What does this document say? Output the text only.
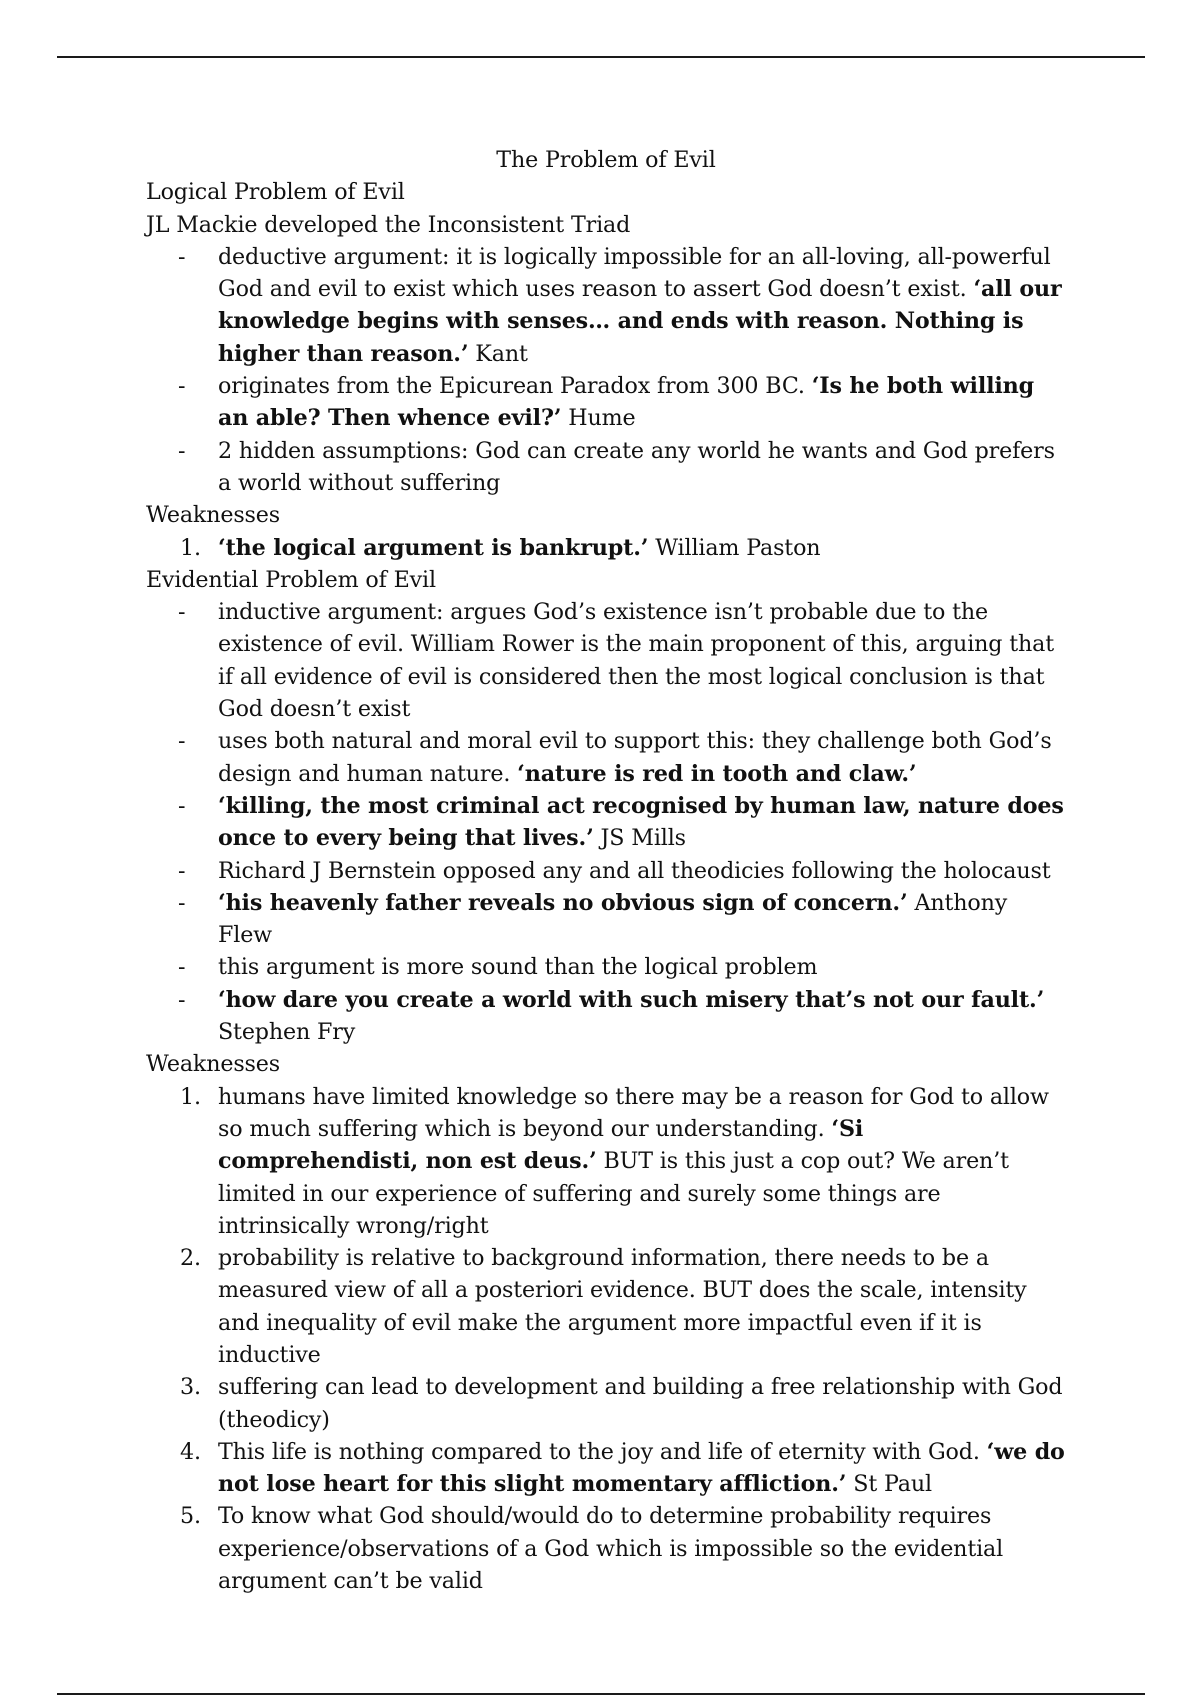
The Problem of Evil
Logical Problem of Evil
JL Mackie developed the Inconsistent Triad
- deductive argument: it is logically impossible for an all-loving, all-powerful God and evil to exist which uses reason to assert God doesn’t exist. ‘all our knowledge begins with senses… and ends with reason. Nothing is higher than reason.’ Kant
- originates from the Epicurean Paradox from 300 BC. ‘Is he both willing an able? Then whence evil?’ Hume
- 2 hidden assumptions: God can create any world he wants and God prefers a world without suffering
Weaknesses
1. ‘the logical argument is bankrupt.’ William Paston
Evidential Problem of Evil
- inductive argument: argues God’s existence isn’t probable due to the existence of evil. William Rower is the main proponent of this, arguing that if all evidence of evil is considered then the most logical conclusion is that God doesn’t exist
- uses both natural and moral evil to support this: they challenge both God’s design and human nature. ‘nature is red in tooth and claw.’
- ‘killing, the most criminal act recognised by human law, nature does once to every being that lives.’ JS Mills
- Richard J Bernstein opposed any and all theodicies following the holocaust
- ‘his heavenly father reveals no obvious sign of concern.’ Anthony Flew
- this argument is more sound than the logical problem
- ‘how dare you create a world with such misery that’s not our fault.’
Stephen Fry
Weaknesses
1. humans have limited knowledge so there may be a reason for God to allow so much suffering which is beyond our understanding. ‘Si comprehendisti, non est deus.’ BUT is this just a cop out? We aren’t limited in our experience of suffering and surely some things are intrinsically wrong/right
2. probability is relative to background information, there needs to be a measured view of all a posteriori evidence. BUT does the scale, intensity and inequality of evil make the argument more impactful even if it is inductive
3. suffering can lead to development and building a free relationship with God (theodicy)
4. This life is nothing compared to the joy and life of eternity with God. ‘we do not lose heart for this slight momentary affliction.’ St Paul
5. To know what God should/would do to determine probability requires experience/observations of a God which is impossible so the evidential argument can’t be valid
